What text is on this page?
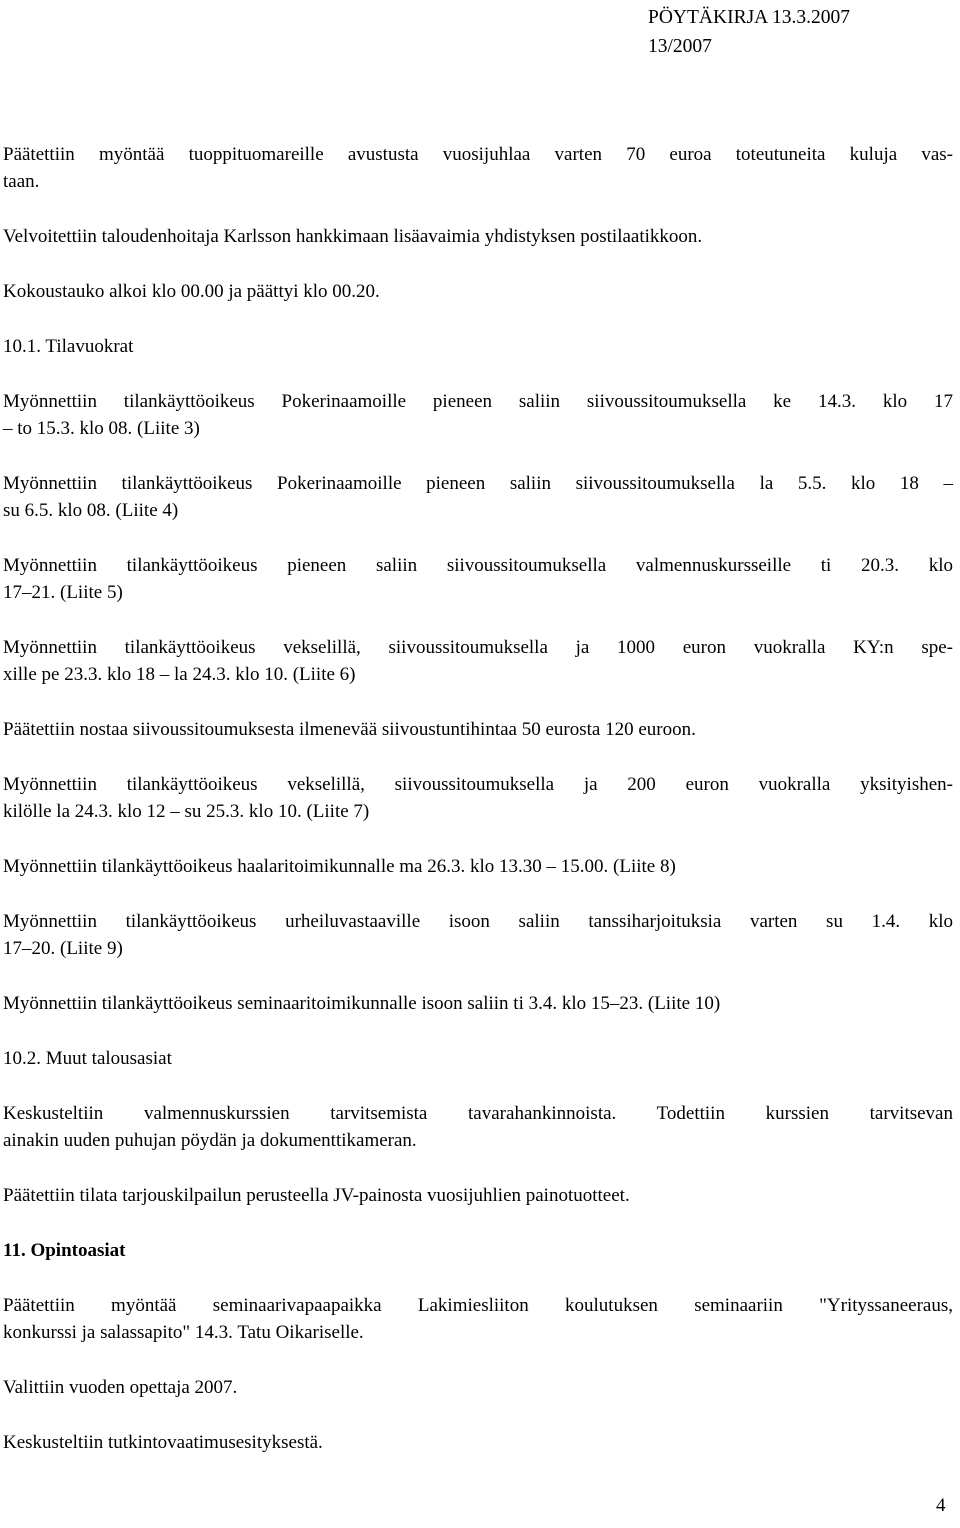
PÖYTÄKIRJA 13.3.2007
13/2007
Päätettiin myöntää tuoppituomareille avustusta vuosijuhlaa varten 70 euroa toteutuneita kuluja vas-
taan.
Velvoitettiin taloudenhoitaja Karlsson hankkimaan lisäavaimia yhdistyksen postilaatikkoon.
Kokoustauko alkoi klo 00.00 ja päättyi klo 00.20.
10.1. Tilavuokrat
Myönnettiin tilankäyttöoikeus Pokerinaamoille pieneen saliin siivoussitoumuksella ke 14.3. klo 17
– to 15.3. klo 08. (Liite 3)
Myönnettiin tilankäyttöoikeus Pokerinaamoille pieneen saliin siivoussitoumuksella la 5.5. klo 18 –
su 6.5. klo 08. (Liite 4)
Myönnettiin tilankäyttöoikeus pieneen saliin siivoussitoumuksella valmennuskursseille ti 20.3. klo
17–21. (Liite 5)
Myönnettiin tilankäyttöoikeus vekselillä, siivoussitoumuksella ja 1000 euron vuokralla KY:n spe-
xille pe 23.3. klo 18 – la 24.3. klo 10. (Liite 6)
Päätettiin nostaa siivoussitoumuksesta ilmenevää siivoustuntihintaa 50 eurosta 120 euroon.
Myönnettiin tilankäyttöoikeus vekselillä, siivoussitoumuksella ja 200 euron vuokralla yksityishen-
kilölle la 24.3. klo 12 – su 25.3. klo 10. (Liite 7)
Myönnettiin tilankäyttöoikeus haalaritoimikunnalle ma 26.3. klo 13.30 – 15.00. (Liite 8)
Myönnettiin tilankäyttöoikeus urheiluvastaaville isoon saliin tanssiharjoituksia varten su 1.4. klo
17–20. (Liite 9)
Myönnettiin tilankäyttöoikeus seminaaritoimikunnalle isoon saliin ti 3.4. klo 15–23. (Liite 10)
10.2. Muut talousasiat
Keskusteltiin valmennuskurssien tarvitsemista tavarahankinnoista. Todettiin kurssien tarvitsevan
ainakin uuden puhujan pöydän ja dokumenttikameran.
Päätettiin tilata tarjouskilpailun perusteella JV-painosta vuosijuhlien painotuotteet.
11. Opintoasiat
Päätettiin myöntää seminaarivapaapaikka Lakimiesliiton koulutuksen seminaariin "Yrityssaneeraus,
konkurssi ja salassapito" 14.3. Tatu Oikariselle.
Valittiin vuoden opettaja 2007.
Keskusteltiin tutkintovaatimusesityksestä.
4
